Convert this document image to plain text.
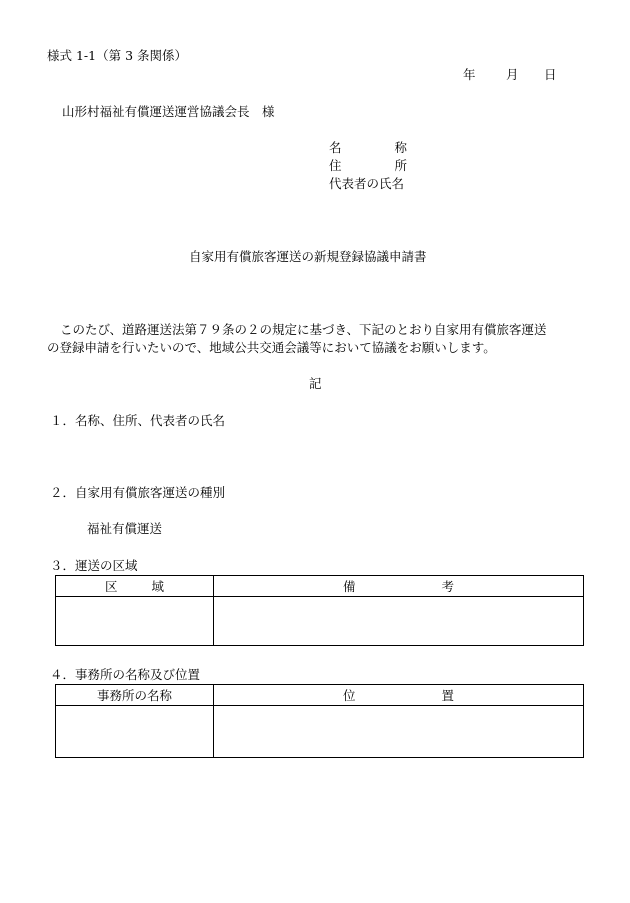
様式 1-1（第 3 条関係）
年 月 日
山形村福祉有償運送運営協議会長　様
名	称
住	所
代表者の氏名
自家用有償旅客運送の新規登録協議申請書
このたび、道路運送法第７９条の２の規定に基づき、下記のとおり自家用有償旅客運送
の登録申請を行いたいので、地域公共交通会議等において協議をお願いします。
記
１．名称、住所、代表者の氏名
２．自家用有償旅客運送の種別
福祉有償運送
３．運送の区域
区 域	備 考

４．事務所の名称及び位置
事務所の名称	位 置
